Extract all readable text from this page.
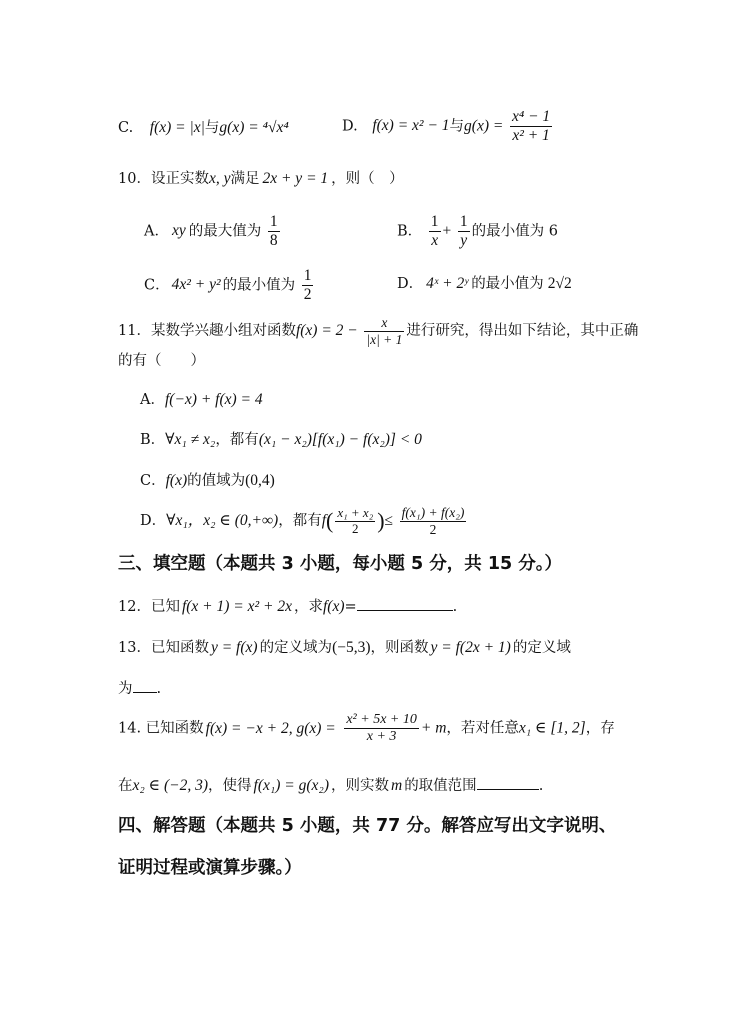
C. f(x) = |x|与g(x) = ⁴√x⁴	D. f(x) = x² − 1与$g(x) = \frac{\text{x⁴ − 1}}{\text{x² + 1}}$
10．设正实数x, y满足 2x + y = 1 ，则（　）
A． xy 的最大值为 $\frac{1}{8}$	B． $\frac{1}{x} + \frac{1}{y}$ 的最小值为 6
C． 4x² + y² 的最小值为 $\frac{1}{2}$	D． 4ˣ + 2ʸ 的最小值为 2√2
11．某数学兴趣小组对函数$f(x) = 2 - \frac{x}{|x| + 1}$ 进行研究，得出如下结论，其中正确
的有（　　）
A．f(−x) + f(x) = 4
B．∀x₁ ≠ x₂，都有(x₁ − x₂)[f(x₁) − f(x₂)] < 0
C．f(x)的值域为(0,4)
D．∀x₁，x₂ ∈ (0,+∞)，都有$f( \frac{\text{x₁ + x₂}}{2}$ )≤ $\frac{\text{f(x₁) + f(x₂)}}{2}$
三、填空题（本题共 3 小题，每小题 5 分，共 15 分。）
12．已知 f(x + 1) = x² + 2x ，求f(x)=	.
13．已知函数 y = f(x) 的定义域为(−5,3)，则函数 y = f(2x + 1) 的定义域
为 .
14. 已知函数 f(x) = −x + 2, $g(x) = \frac{\text{x² + 5x + 10}}{x + 3} + m$，若对任意x₁ ∈ [1, 2]，存
在x₂ ∈ (−2, 3)，使得 f(x₁) = g(x₂) ，则实数 m 的取值范围	.
四、解答题（本题共 5 小题，共 77 分。解答应写出文字说明、
证明过程或演算步骤。）
